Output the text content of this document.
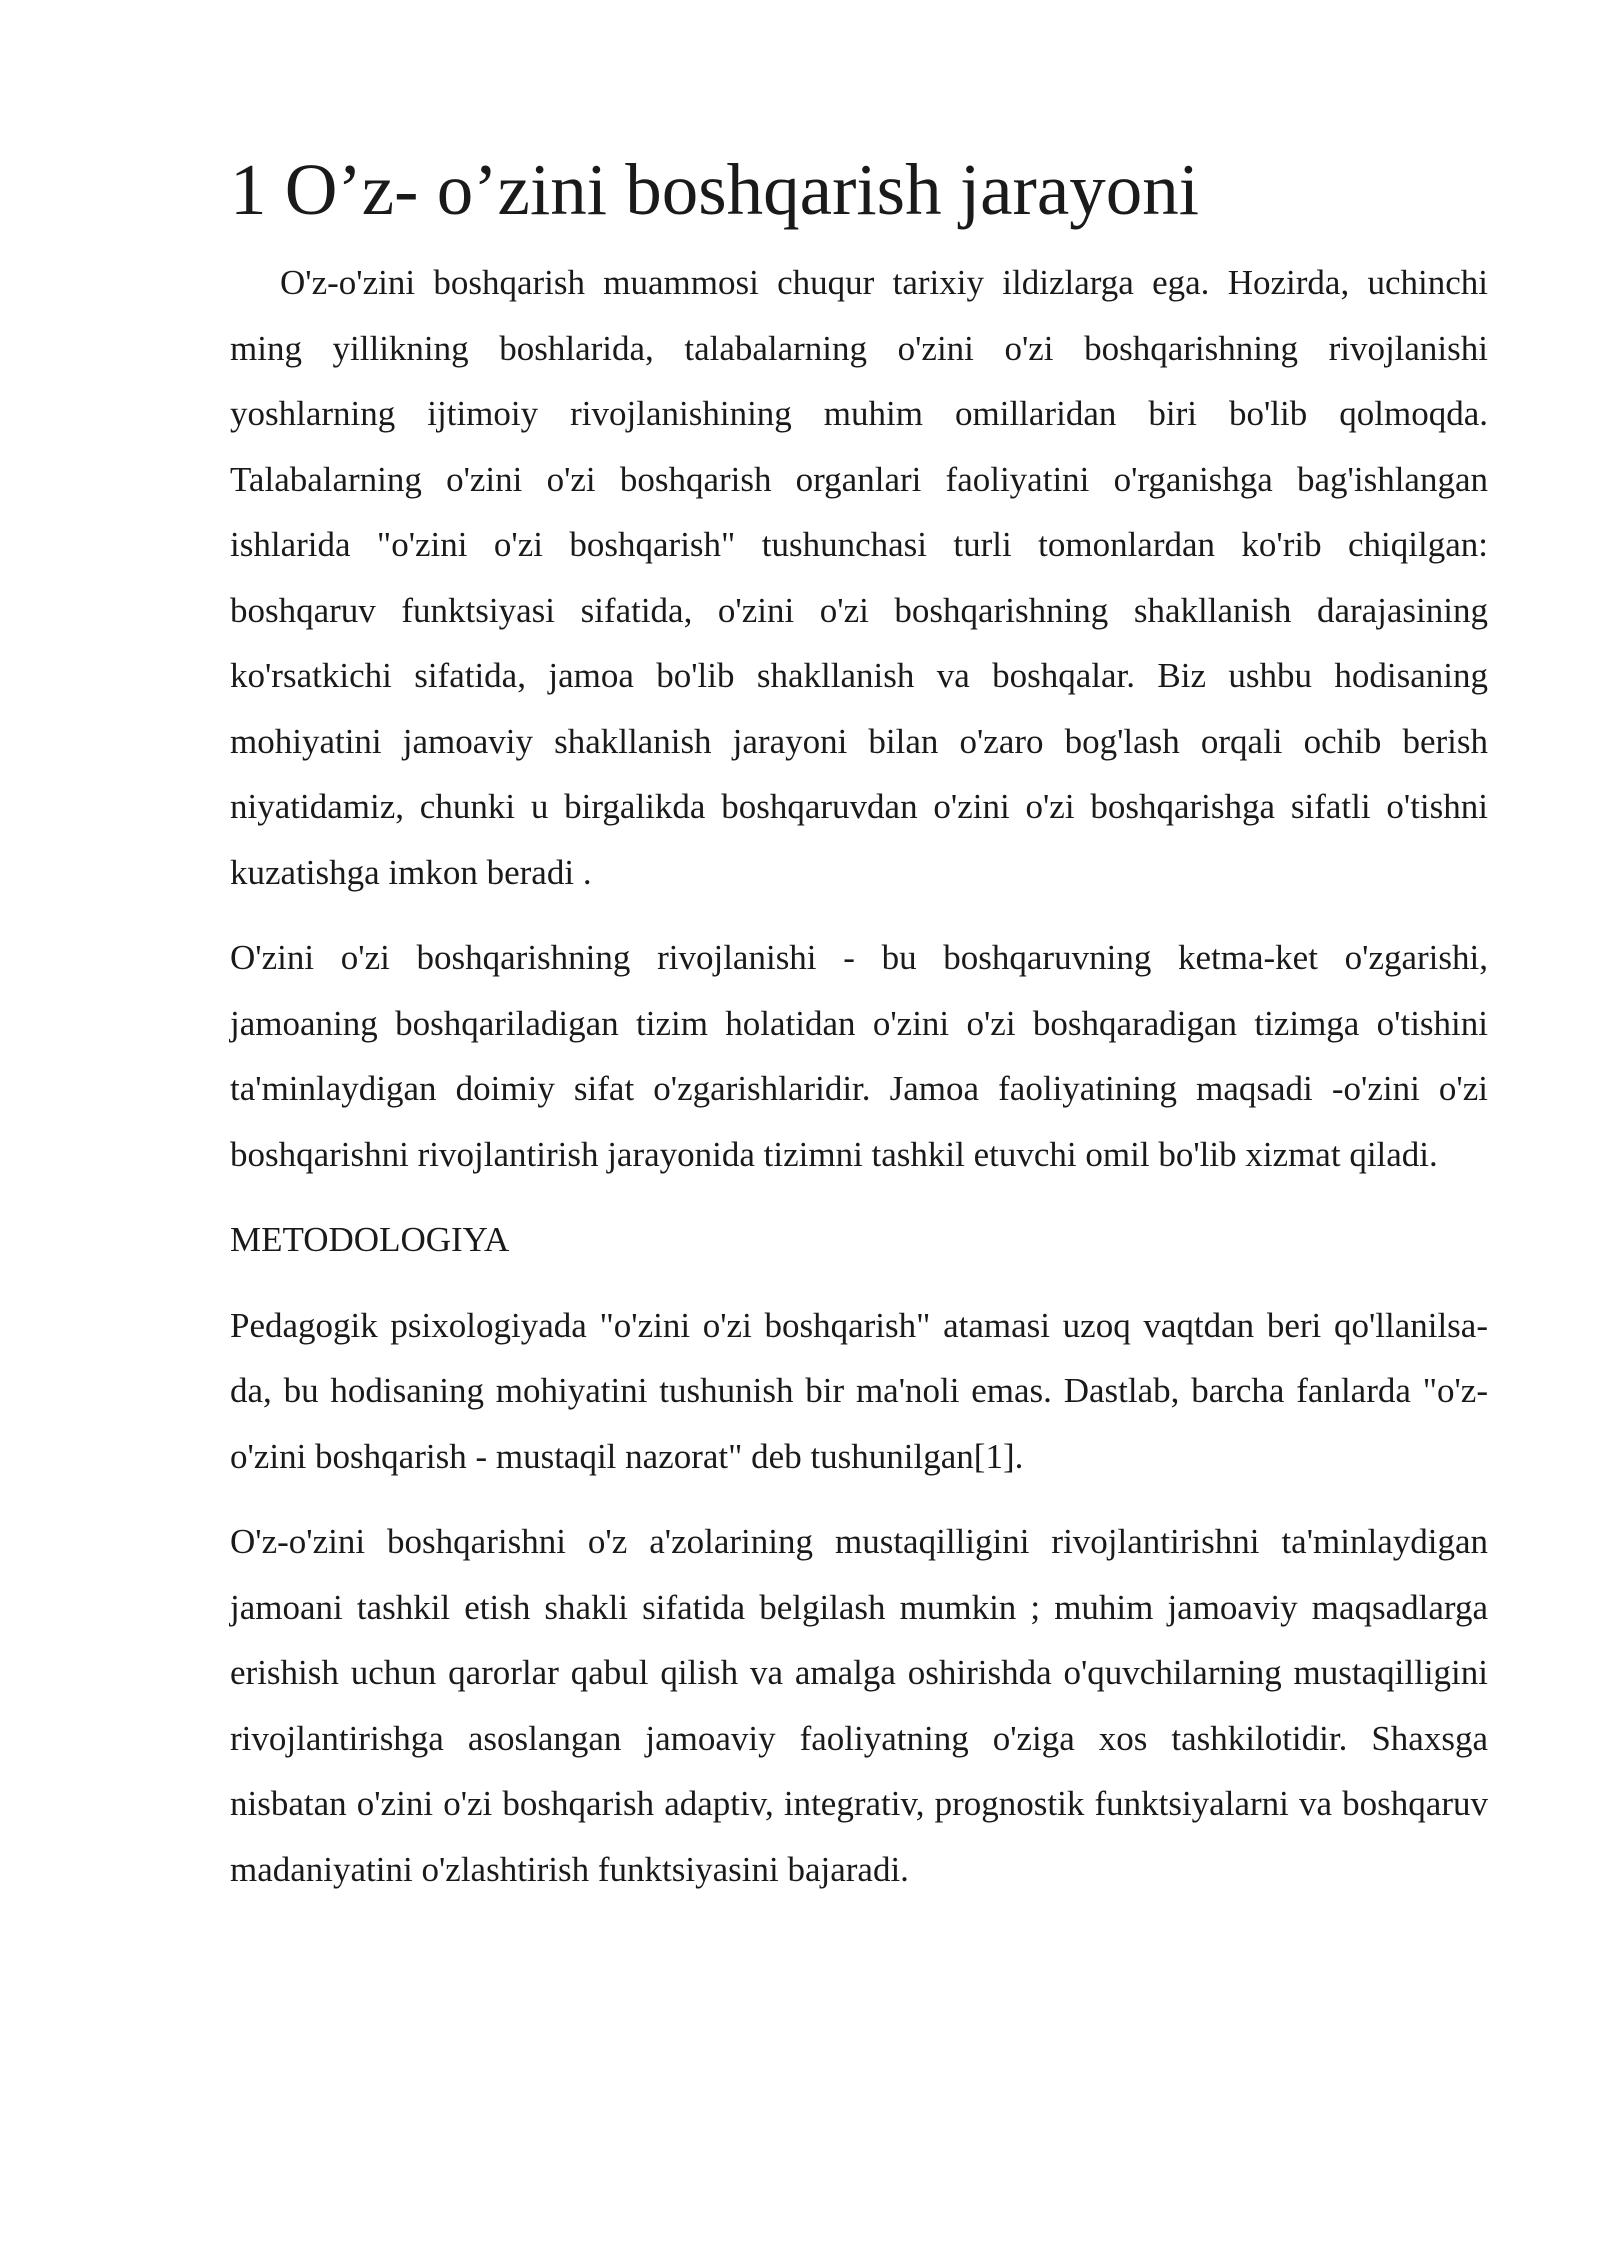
1 O’z- o’zini boshqarish jarayoni

O'z-o'zini boshqarish muammosi chuqur tarixiy ildizlarga ega. Hozirda, uchinchi ming yillikning boshlarida, talabalarning o'zini o'zi boshqarishning rivojlanishi yoshlarning ijtimoiy rivojlanishining muhim omillaridan biri bo'lib qolmoqda. Talabalarning o'zini o'zi boshqarish organlari faoliyatini o'rganishga bag'ishlangan ishlarida "o'zini o'zi boshqarish" tushunchasi turli tomonlardan ko'rib chiqilgan: boshqaruv funktsiyasi sifatida, o'zini o'zi boshqarishning shakllanish darajasining ko'rsatkichi sifatida, jamoa bo'lib shakllanish va boshqalar. Biz ushbu hodisaning mohiyatini jamoaviy shakllanish jarayoni bilan o'zaro bog'lash orqali ochib berish niyatidamiz, chunki u birgalikda boshqaruvdan o'zini o'zi boshqarishga sifatli o'tishni kuzatishga imkon beradi .

O'zini o'zi boshqarishning rivojlanishi - bu boshqaruvning ketma-ket o'zgarishi, jamoaning boshqariladigan tizim holatidan o'zini o'zi boshqaradigan tizimga o'tishini ta'minlaydigan doimiy sifat o'zgarishlaridir. Jamoa faoliyatining maqsadi -o'zini o'zi boshqarishni rivojlantirish jarayonida tizimni tashkil etuvchi omil bo'lib xizmat qiladi.

METODOLOGIYA

Pedagogik psixologiyada "o'zini o'zi boshqarish" atamasi uzoq vaqtdan beri qo'llanilsa-da, bu hodisaning mohiyatini tushunish bir ma'noli emas. Dastlab, barcha fanlarda "o'z-o'zini boshqarish - mustaqil nazorat" deb tushunilgan[1].

O'z-o'zini boshqarishni o'z a'zolarining mustaqilligini rivojlantirishni ta'minlaydigan jamoani tashkil etish shakli sifatida belgilash mumkin ; muhim jamoaviy maqsadlarga erishish uchun qarorlar qabul qilish va amalga oshirishda o'quvchilarning mustaqilligini rivojlantirishga asoslangan jamoaviy faoliyatning o'ziga xos tashkilotidir. Shaxsga nisbatan o'zini o'zi boshqarish adaptiv, integrativ, prognostik funktsiyalarni va boshqaruv madaniyatini o'zlashtirish funktsiyasini bajaradi.
